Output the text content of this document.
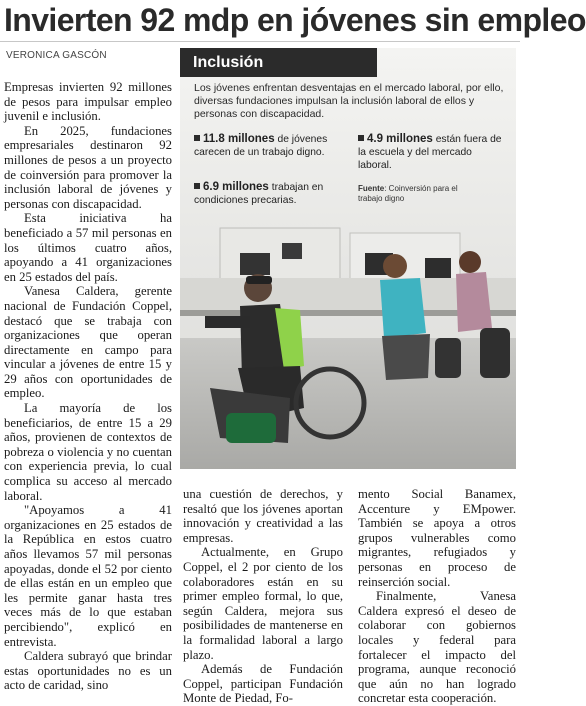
Invierten 92 mdp en jóvenes sin empleo
VERONICA GASCÓN

Empresas invierten 92 millones de pesos para impulsar empleo juvenil e inclusión.

En 2025, fundaciones empresariales destinaron 92 millones de pesos a un proyecto de coinversión para promover la inclusión laboral de jóvenes y personas con discapacidad.

Esta iniciativa ha beneficiado a 57 mil personas en los últimos cuatro años, apoyando a 41 organizaciones en 25 estados del país.

Vanesa Caldera, gerente nacional de Fundación Coppel, destacó que se trabaja con organizaciones que operan directamente en campo para vincular a jóvenes de entre 15 y 29 años con oportunidades de empleo.

La mayoría de los beneficiarios, de entre 15 a 29 años, provienen de contextos de pobreza o violencia y no cuentan con experiencia previa, lo cual complica su acceso al mercado laboral.

"Apoyamos a 41 organizaciones en 25 estados de la República en estos cuatro años llevamos 57 mil personas apoyadas, donde el 52 por ciento de ellas están en un empleo que les permite ganar hasta tres veces más de lo que estaban percibiendo", explicó en entrevista.

Caldera subrayó que brindar estas oportunidades no es un acto de caridad, sino

Inclusión
Los jóvenes enfrentan desventajas en el mercado laboral, por ello, diversas fundaciones impulsan la inclusión laboral de ellos y personas con discapacidad.
11.8 millones de jóvenes carecen de un trabajo digno.
4.9 millones están fuera de la escuela y del mercado laboral.
6.9 millones trabajan en condiciones precarias.
Fuente: Coinversión para el trabajo digno

una cuestión de derechos, y resaltó que los jóvenes aportan innovación y creatividad a las empresas.

Actualmente, en Grupo Coppel, el 2 por ciento de los colaboradores están en su primer empleo formal, lo que, según Caldera, mejora sus posibilidades de mantenerse en la formalidad laboral a largo plazo.

Además de Fundación Coppel, participan Fundación Monte de Piedad, Fo-

mento Social Banamex, Accenture y EMpower. También se apoya a otros grupos vulnerables como migrantes, refugiados y personas en proceso de reinserción social.

Finalmente, Vanesa Caldera expresó el deseo de colaborar con gobiernos locales y federal para fortalecer el impacto del programa, aunque reconoció que aún no han logrado concretar esta cooperación.
